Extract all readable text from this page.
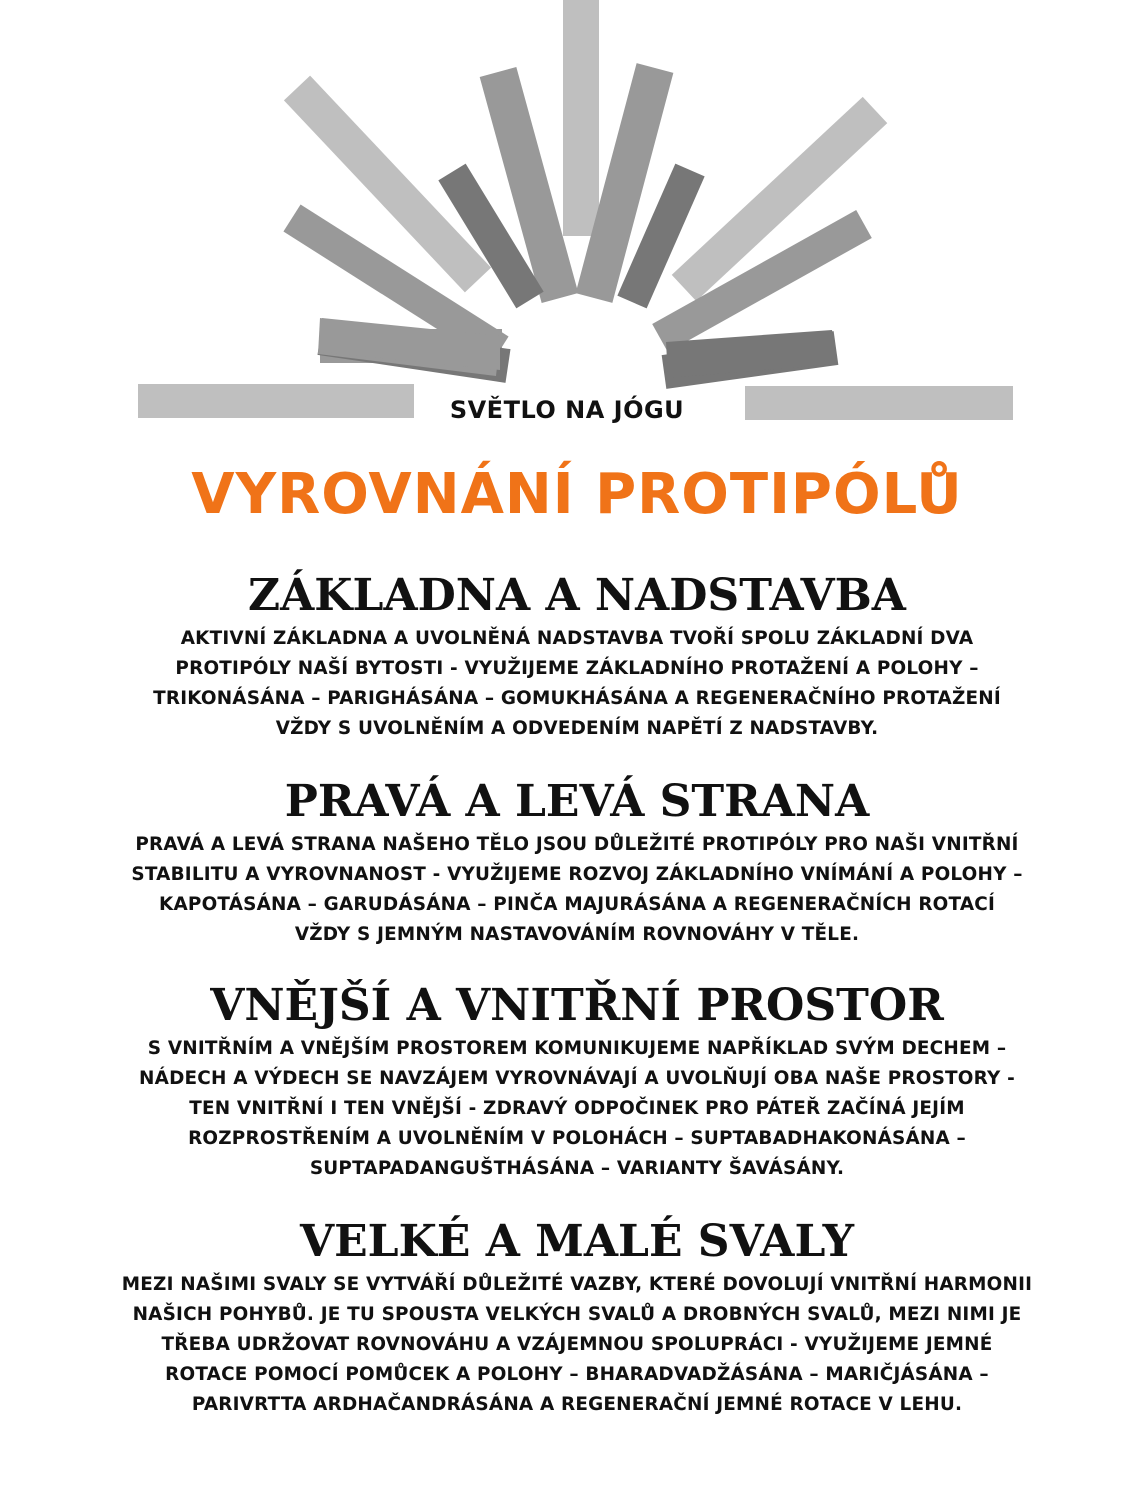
SVĚTLO NA JÓGU
VYROVNÁNÍ PROTIPÓLŮ
ZÁKLADNA A NADSTAVBA

AKTIVNÍ ZÁKLADNA A UVOLNĚNÁ NADSTAVBA TVOŘÍ SPOLU ZÁKLADNÍ DVA
PROTIPÓLY NAŠÍ BYTOSTI - VYUŽIJEME ZÁKLADNÍHO PROTAŽENÍ A POLOHY –
TRIKONÁSÁNA – PARIGHÁSÁNA – GOMUKHÁSÁNA A REGENERAČNÍHO PROTAŽENÍ
VŽDY S UVOLNĚNÍM A ODVEDENÍM NAPĚTÍ Z NADSTAVBY.

PRAVÁ A LEVÁ STRANA

PRAVÁ A LEVÁ STRANA NAŠEHO TĚLO JSOU DŮLEŽITÉ PROTIPÓLY PRO NAŠI VNITŘNÍ
STABILITU A VYROVNANOST - VYUŽIJEME ROZVOJ ZÁKLADNÍHO VNÍMÁNÍ A POLOHY –
KAPOTÁSÁNA – GARUDÁSÁNA – PINČA MAJURÁSÁNA A REGENERAČNÍCH ROTACÍ
VŽDY S JEMNÝM NASTAVOVÁNÍM ROVNOVÁHY V TĚLE.

VNĚJŠÍ A VNITŘNÍ PROSTOR

S VNITŘNÍM A VNĚJŠÍM PROSTOREM KOMUNIKUJEME NAPŘÍKLAD SVÝM DECHEM –
NÁDECH A VÝDECH SE NAVZÁJEM VYROVNÁVAJÍ A UVOLŇUJÍ OBA NAŠE PROSTORY -
TEN VNITŘNÍ I TEN VNĚJŠÍ - ZDRAVÝ ODPOČINEK PRO PÁTEŘ ZAČÍNÁ JEJÍM
ROZPROSTŘENÍM A UVOLNĚNÍM V POLOHÁCH – SUPTABADHAKONÁSÁNA –
SUPTAPADANGUŠTHÁSÁNA – VARIANTY ŠAVÁSÁNY.

VELKÉ A MALÉ SVALY

MEZI NAŠIMI SVALY SE VYTVÁŘÍ DŮLEŽITÉ VAZBY, KTERÉ DOVOLUJÍ VNITŘNÍ HARMONII
NAŠICH POHYBŮ. JE TU SPOUSTA VELKÝCH SVALŮ A DROBNÝCH SVALŮ, MEZI NIMI JE
TŘEBA UDRŽOVAT ROVNOVÁHU A VZÁJEMNOU SPOLUPRÁCI - VYUŽIJEME JEMNÉ
ROTACE POMOCÍ POMŮCEK A POLOHY – BHARADVADŽÁSÁNA – MARIČJÁSÁNA –
PARIVRTTA ARDHAČANDRÁSÁNA A REGENERAČNÍ JEMNÉ ROTACE V LEHU.
